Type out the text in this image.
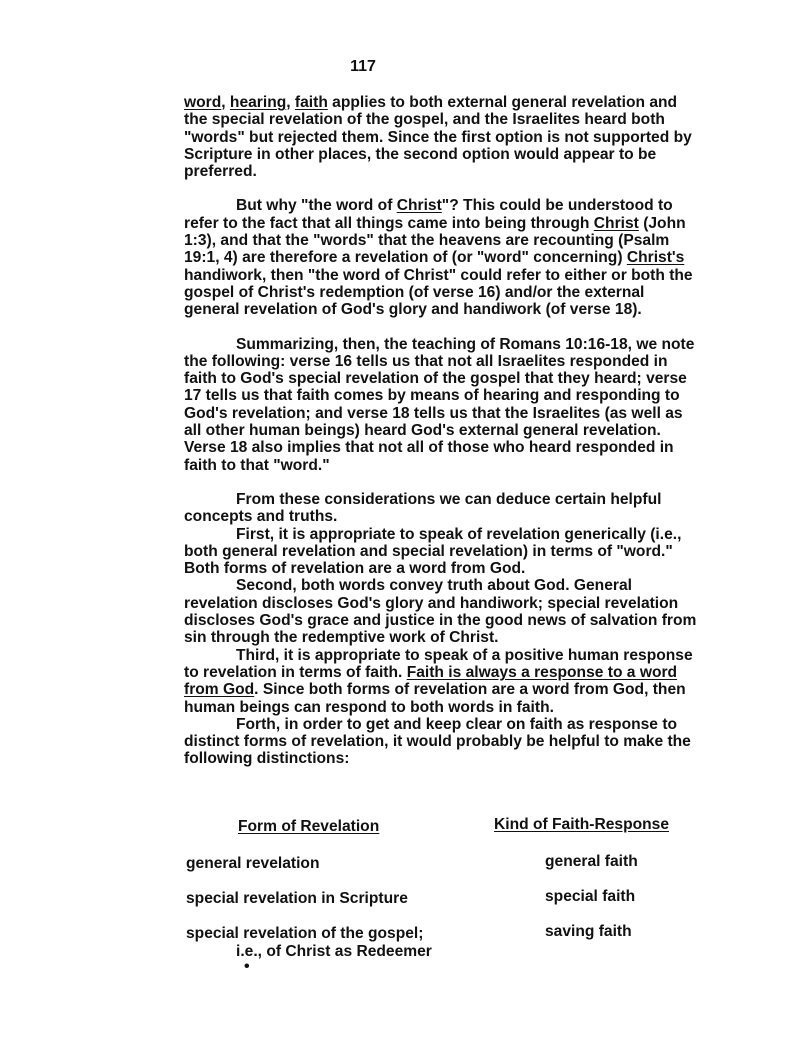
117

word, hearing, faith applies to both external general revelation and the special revelation of the gospel, and the Israelites heard both "words" but rejected them. Since the first option is not supported by Scripture in other places, the second option would appear to be preferred.

But why "the word of Christ"? This could be understood to refer to the fact that all things came into being through Christ (John 1:3), and that the "words" that the heavens are recounting (Psalm 19:1, 4) are therefore a revelation of (or "word" concerning) Christ's handiwork, then "the word of Christ" could refer to either or both the gospel of Christ's redemption (of verse 16) and/or the external general revelation of God's glory and handiwork (of verse 18).

Summarizing, then, the teaching of Romans 10:16-18, we note the following: verse 16 tells us that not all Israelites responded in faith to God's special revelation of the gospel that they heard; verse 17 tells us that faith comes by means of hearing and responding to God's revelation; and verse 18 tells us that the Israelites (as well as all other human beings) heard God's external general revelation. Verse 18 also implies that not all of those who heard responded in faith to that "word."

From these considerations we can deduce certain helpful concepts and truths.

First, it is appropriate to speak of revelation generically (i.e., both general revelation and special revelation) in terms of "word." Both forms of revelation are a word from God.

Second, both words convey truth about God. General revelation discloses God's glory and handiwork; special revelation discloses God's grace and justice in the good news of salvation from sin through the redemptive work of Christ.

Third, it is appropriate to speak of a positive human response to revelation in terms of faith. Faith is always a response to a word from God. Since both forms of revelation are a word from God, then human beings can respond to both words in faith.

Forth, in order to get and keep clear on faith as response to distinct forms of revelation, it would probably be helpful to make the following distinctions:

Form of Revelation	Kind of Faith-Response
general revelation	general faith
special revelation in Scripture	special faith
special revelation of the gospel;	saving faith
i.e., of Christ as Redeemer
•
